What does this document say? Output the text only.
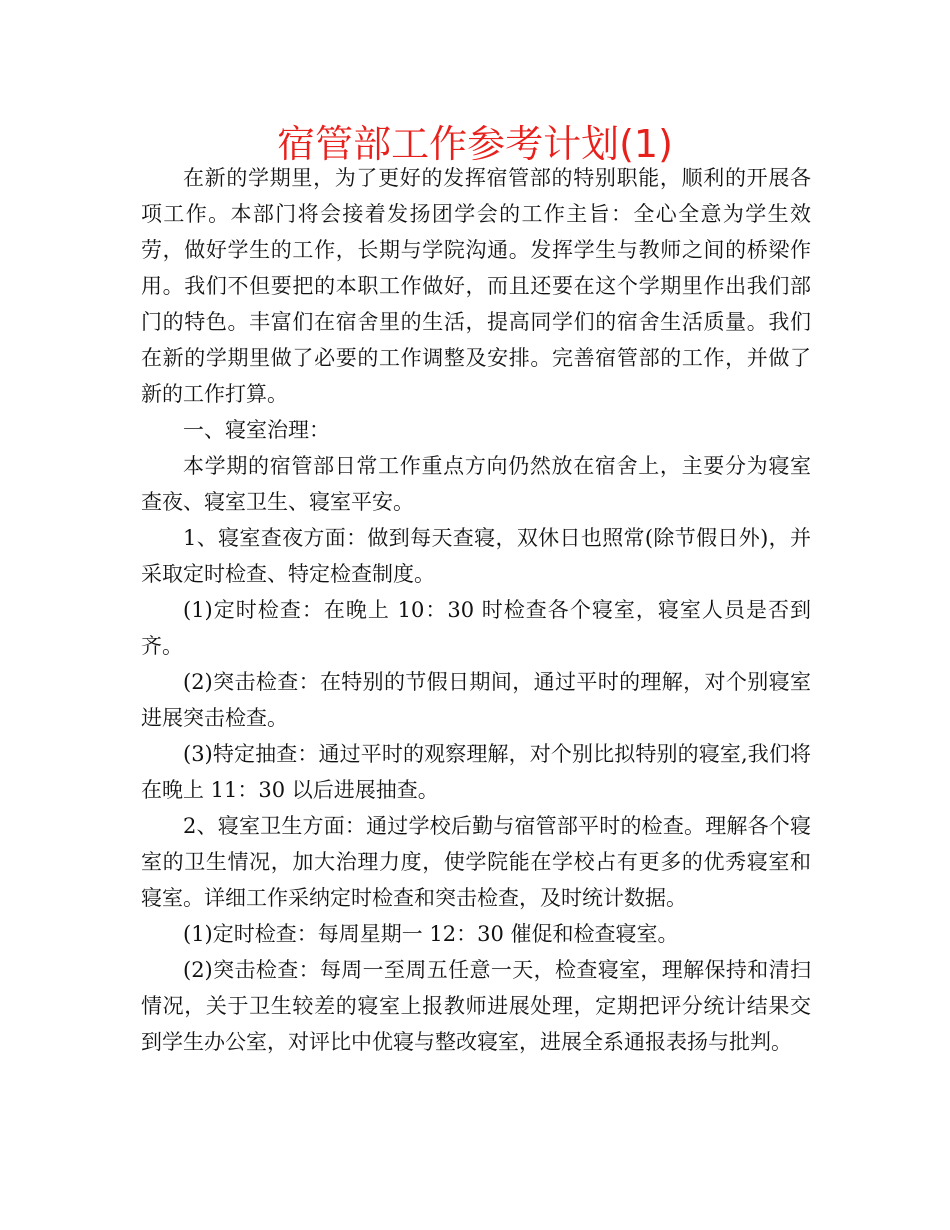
宿管部工作参考计划(1)

在新的学期里，为了更好的发挥宿管部的特别职能，顺利的开展各项工作。本部门将会接着发扬团学会的工作主旨：全心全意为学生效劳，做好学生的工作，长期与学院沟通。发挥学生与教师之间的桥梁作用。我们不但要把的本职工作做好，而且还要在这个学期里作出我们部门的特色。丰富们在宿舍里的生活，提高同学们的宿舍生活质量。我们在新的学期里做了必要的工作调整及安排。完善宿管部的工作，并做了新的工作打算。

一、寝室治理：

本学期的宿管部日常工作重点方向仍然放在宿舍上，主要分为寝室查夜、寝室卫生、寝室平安。

1、寝室查夜方面：做到每天查寝，双休日也照常(除节假日外)，并采取定时检查、特定检查制度。

(1)定时检查：在晚上 10：30 时检查各个寝室，寝室人员是否到齐。

(2)突击检查：在特别的节假日期间，通过平时的理解，对个别寝室进展突击检查。

(3)特定抽查：通过平时的观察理解，对个别比拟特别的寝室,我们将在晚上 11：30 以后进展抽查。

2、寝室卫生方面：通过学校后勤与宿管部平时的检查。理解各个寝室的卫生情况，加大治理力度，使学院能在学校占有更多的优秀寝室和寝室。详细工作采纳定时检查和突击检查，及时统计数据。

(1)定时检查：每周星期一 12：30 催促和检查寝室。

(2)突击检查：每周一至周五任意一天，检查寝室，理解保持和清扫情况，关于卫生较差的寝室上报教师进展处理，定期把评分统计结果交到学生办公室，对评比中优寝与整改寝室，进展全系通报表扬与批判。
